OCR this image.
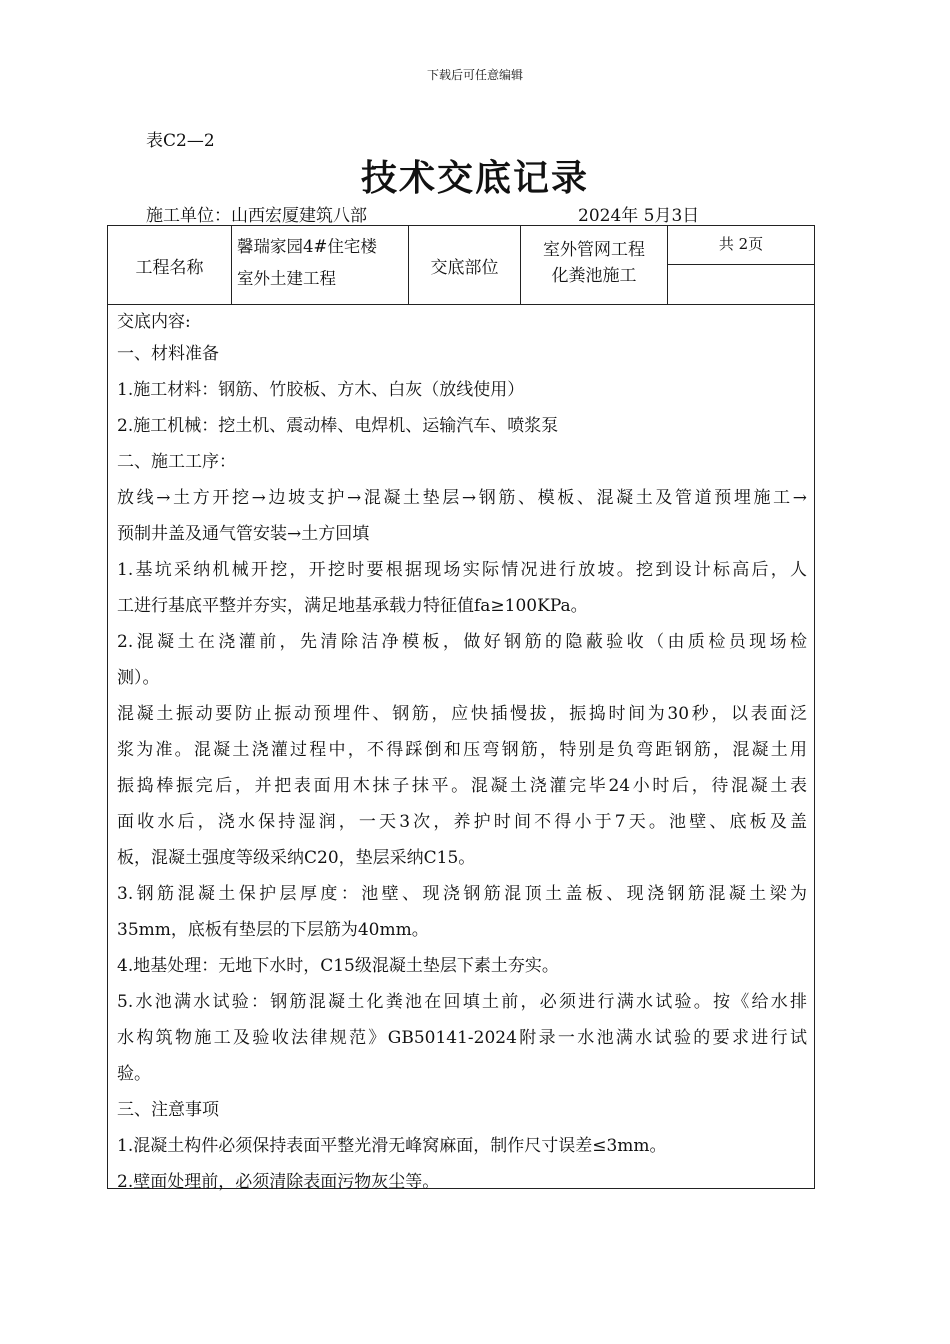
下载后可任意编辑
表C2—2
技术交底记录
施工单位：山西宏厦建筑八部	2024年 5月3日
工程名称
馨瑞家园4#住宅楼
室外土建工程
交底部位
室外管网工程
化粪池施工
共 2页
交底内容:
一、材料准备
1.施工材料：钢筋、竹胶板、方木、白灰（放线使用）
2.施工机械：挖土机、震动棒、电焊机、运输汽车、喷浆泵
二、施工工序：
放线→土方开挖→边坡支护→混凝土垫层→钢筋、模板、混凝土及管道预埋施工→
预制井盖及通气管安装→土方回填
1.基坑采纳机械开挖，开挖时要根据现场实际情况进行放坡。挖到设计标高后，人
工进行基底平整并夯实，满足地基承载力特征值fa≥100KPa。
2.混凝土在浇灌前，先清除洁净模板，做好钢筋的隐蔽验收（由质检员现场检
测）。
混凝土振动要防止振动预埋件、钢筋，应快插慢拔，振捣时间为30秒，以表面泛
浆为准。混凝土浇灌过程中，不得踩倒和压弯钢筋，特别是负弯距钢筋，混凝土用
振捣棒振完后，并把表面用木抹子抹平。混凝土浇灌完毕24小时后，待混凝土表
面收水后，浇水保持湿润，一天3次，养护时间不得小于7天。池壁、底板及盖
板，混凝土强度等级采纳C20，垫层采纳C15。
3.钢筋混凝土保护层厚度：池壁、现浇钢筋混顶土盖板、现浇钢筋混凝土梁为
35mm，底板有垫层的下层筋为40mm。
4.地基处理：无地下水时，C15级混凝土垫层下素土夯实。
5.水池满水试验：钢筋混凝土化粪池在回填土前，必须进行满水试验。按《给水排
水构筑物施工及验收法律规范》GB50141-2024附录一水池满水试验的要求进行试
验。
三、注意事项
1.混凝土构件必须保持表面平整光滑无峰窝麻面，制作尺寸误差≤3mm。
2.壁面处理前，必须清除表面污物灰尘等。
